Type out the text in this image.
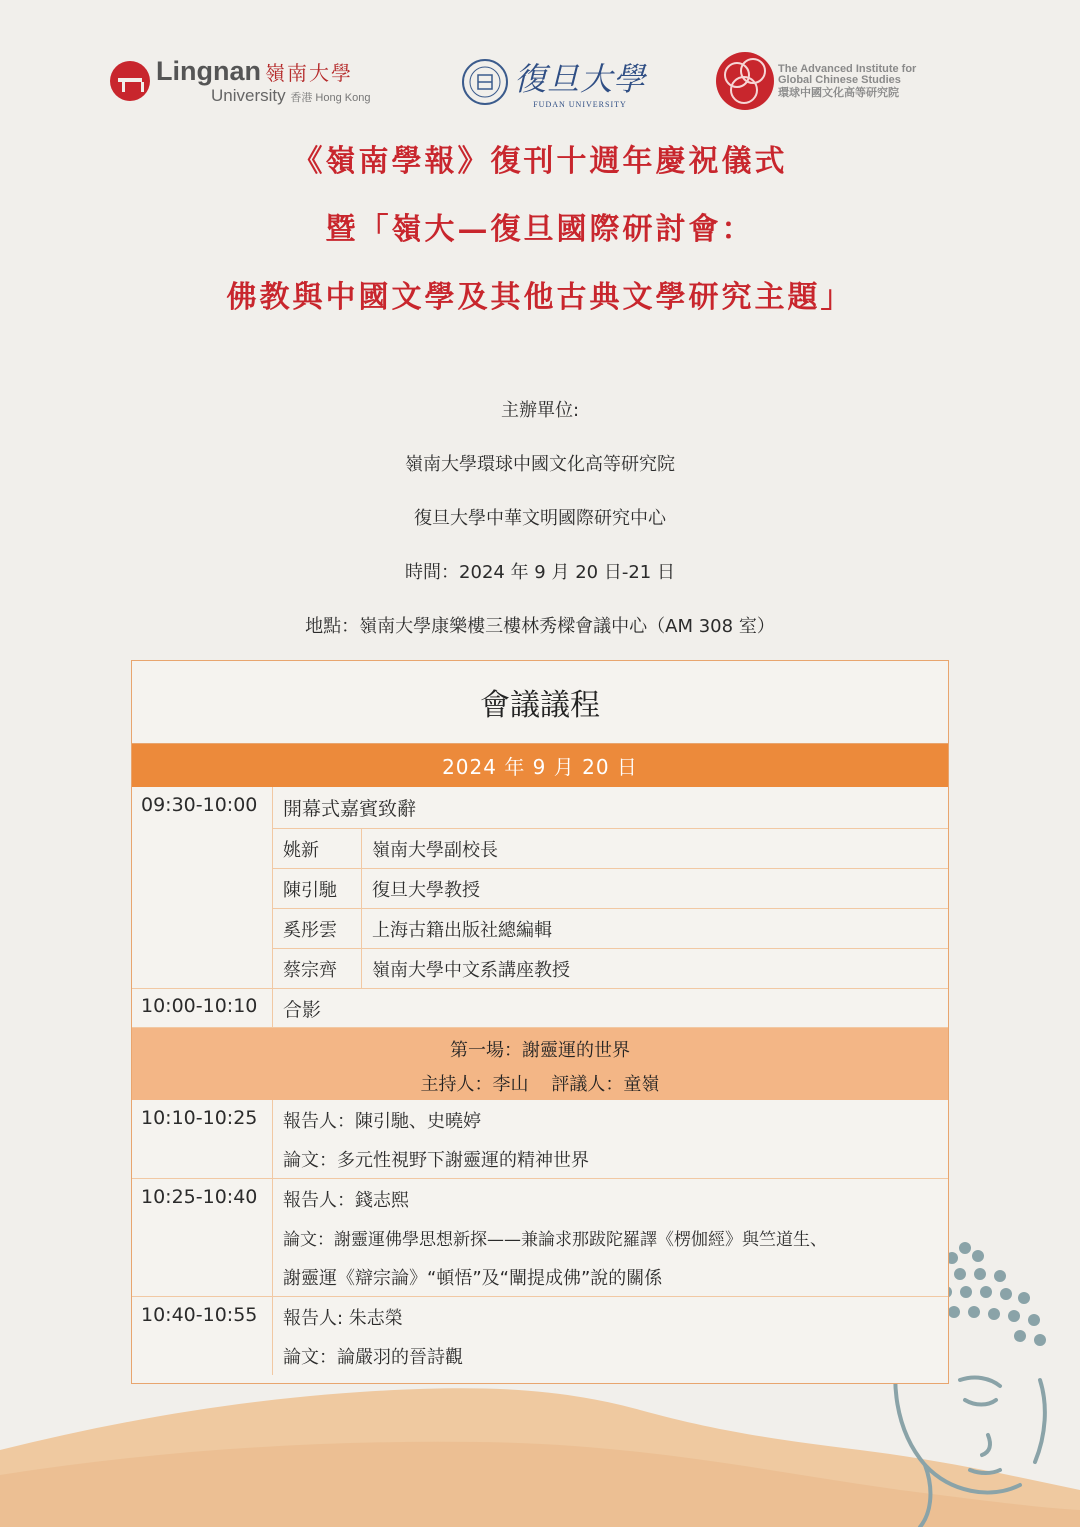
Lingnan 嶺南大學
University 香港 Hong Kong	復旦大學
FUDAN UNIVERSITY
The Advanced Institute for
Global Chinese Studies
環球中國文化高等研究院
《嶺南學報》復刊十週年慶祝儀式
暨「嶺大—復旦國際研討會：
佛教與中國文學及其他古典文學研究主題」
主辦單位:
嶺南大學環球中國文化高等研究院
復旦大學中華文明國際研究中心
時間：2024 年 9 月 20 日-21 日
地點：嶺南大學康樂樓三樓林秀樑會議中心（AM 308 室）
會議議程
2024 年 9 月 20 日
09:30-10:00	開幕式嘉賓致辭
姚新	嶺南大學副校長
陳引馳	復旦大學教授
奚彤雲	上海古籍出版社總編輯
蔡宗齊	嶺南大學中文系講座教授
10:00-10:10	合影
第一場：謝靈運的世界
主持人：李山    評議人：童嶺
10:10-10:25	報告人：陳引馳、史曉婷
論文：多元性視野下謝靈運的精神世界
10:25-10:40	報告人：錢志熙
論文：謝靈運佛學思想新探——兼論求那跋陀羅譯《楞伽經》與竺道生、
謝靈運《辯宗論》“頓悟”及“闡提成佛”說的關係
10:40-10:55	報告人: 朱志榮
論文：論嚴羽的晉詩觀
